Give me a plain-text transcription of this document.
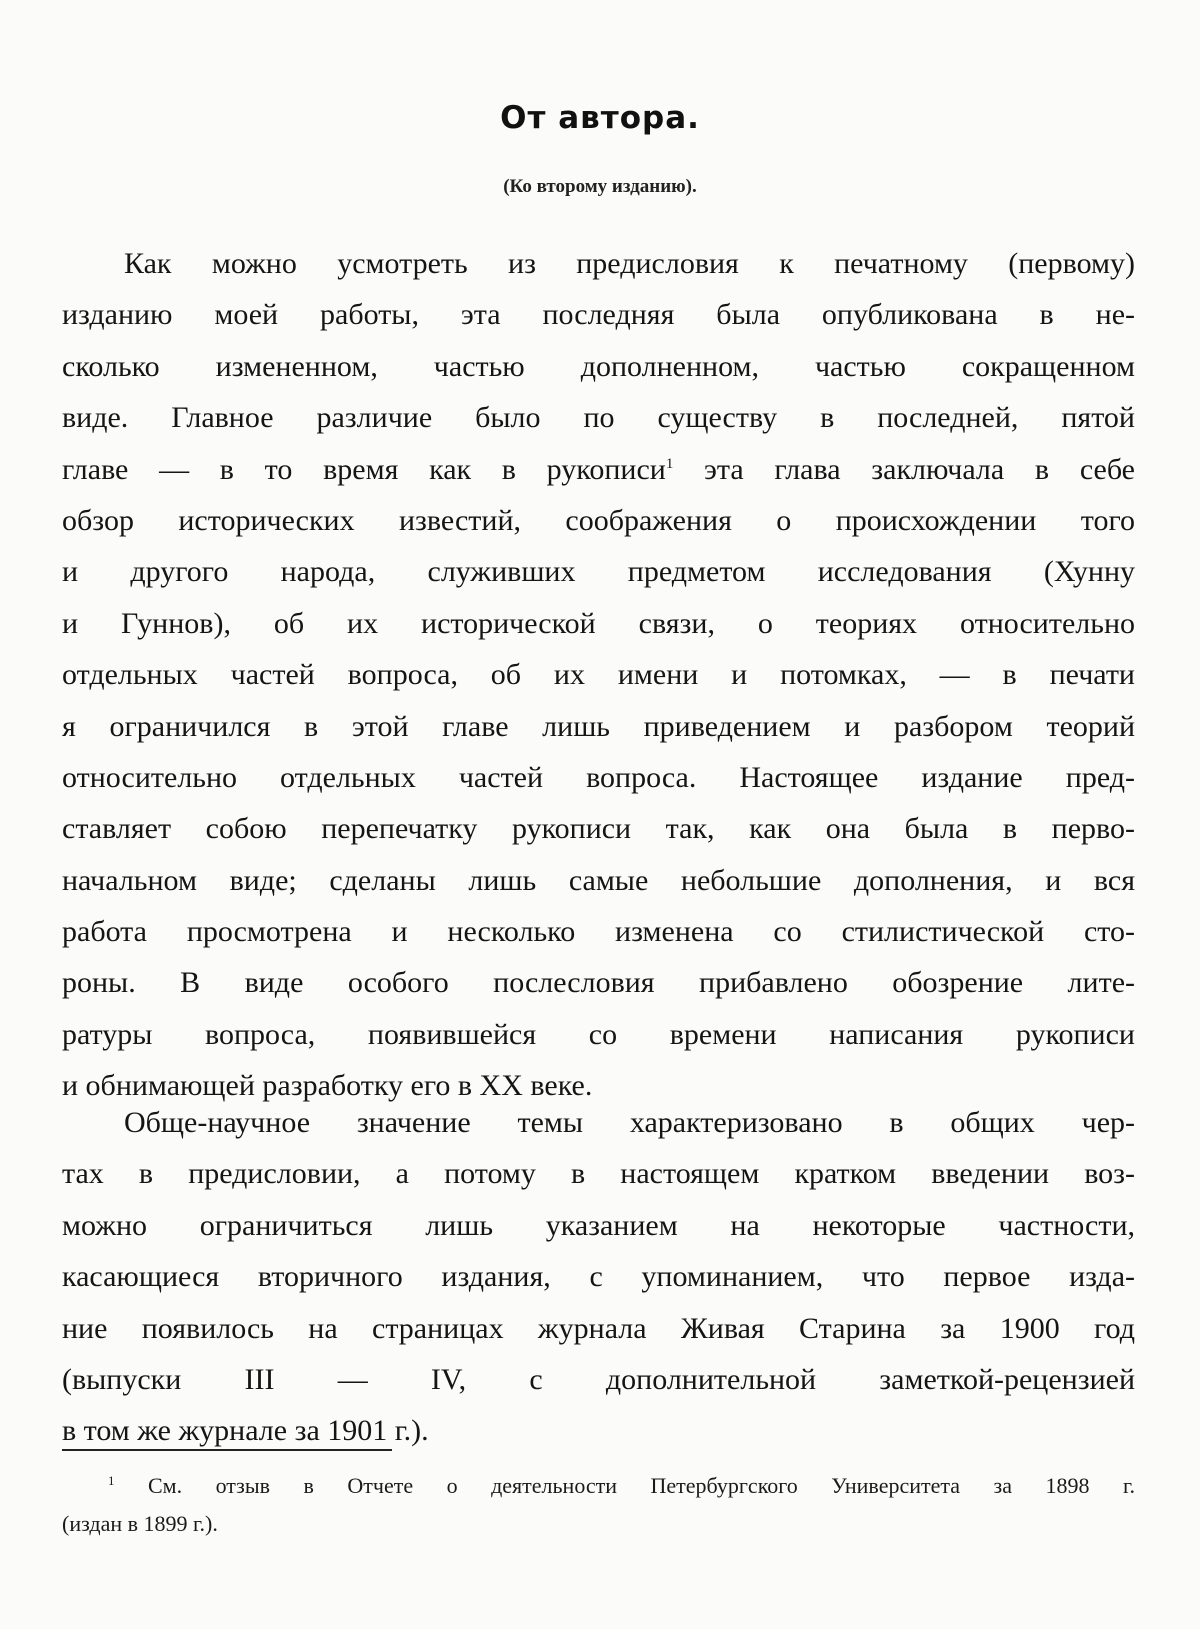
От автора.
(Ко второму изданию).
Как можно усмотреть из предисловия к печатному (первому)
изданию моей работы, эта последняя была опубликована в не-
сколько измененном, частью дополненном, частью сокращенном
виде. Главное различие было по существу в последней, пятой
главе — в то время как в рукописи$^1$ эта глава заключала в себе
обзор исторических известий, соображения о происхождении того
и другого народа, служивших предметом исследования (Хунну
и Гуннов), об их исторической связи, о теориях относительно
отдельных частей вопроса, об их имени и потомках, — в печати
я ограничился в этой главе лишь приведением и разбором теорий
относительно отдельных частей вопроса. Настоящее издание пред-
ставляет собою перепечатку рукописи так, как она была в перво-
начальном виде; сделаны лишь самые небольшие дополнения, и вся
работа просмотрена и несколько изменена со стилистической сто-
роны. В виде особого послесловия прибавлено обозрение лите-
ратуры вопроса, появившейся со времени написания рукописи
и обнимающей разработку его в XX веке.
Обще-научное значение темы характеризовано в общих чер-
тах в предисловии, а потому в настоящем кратком введении воз-
можно ограничиться лишь указанием на некоторые частности,
касающиеся вторичного издания, с упоминанием, что первое изда-
ние появилось на страницах журнала Живая Старина за 1900 год
(выпуски III — IV, с дополнительной заметкой-рецензией
в том же журнале за 1901 г.).
$^1$ См. отзыв в Отчете о деятельности Петербургского Университета за 1898 г.
(издан в 1899 г.).
